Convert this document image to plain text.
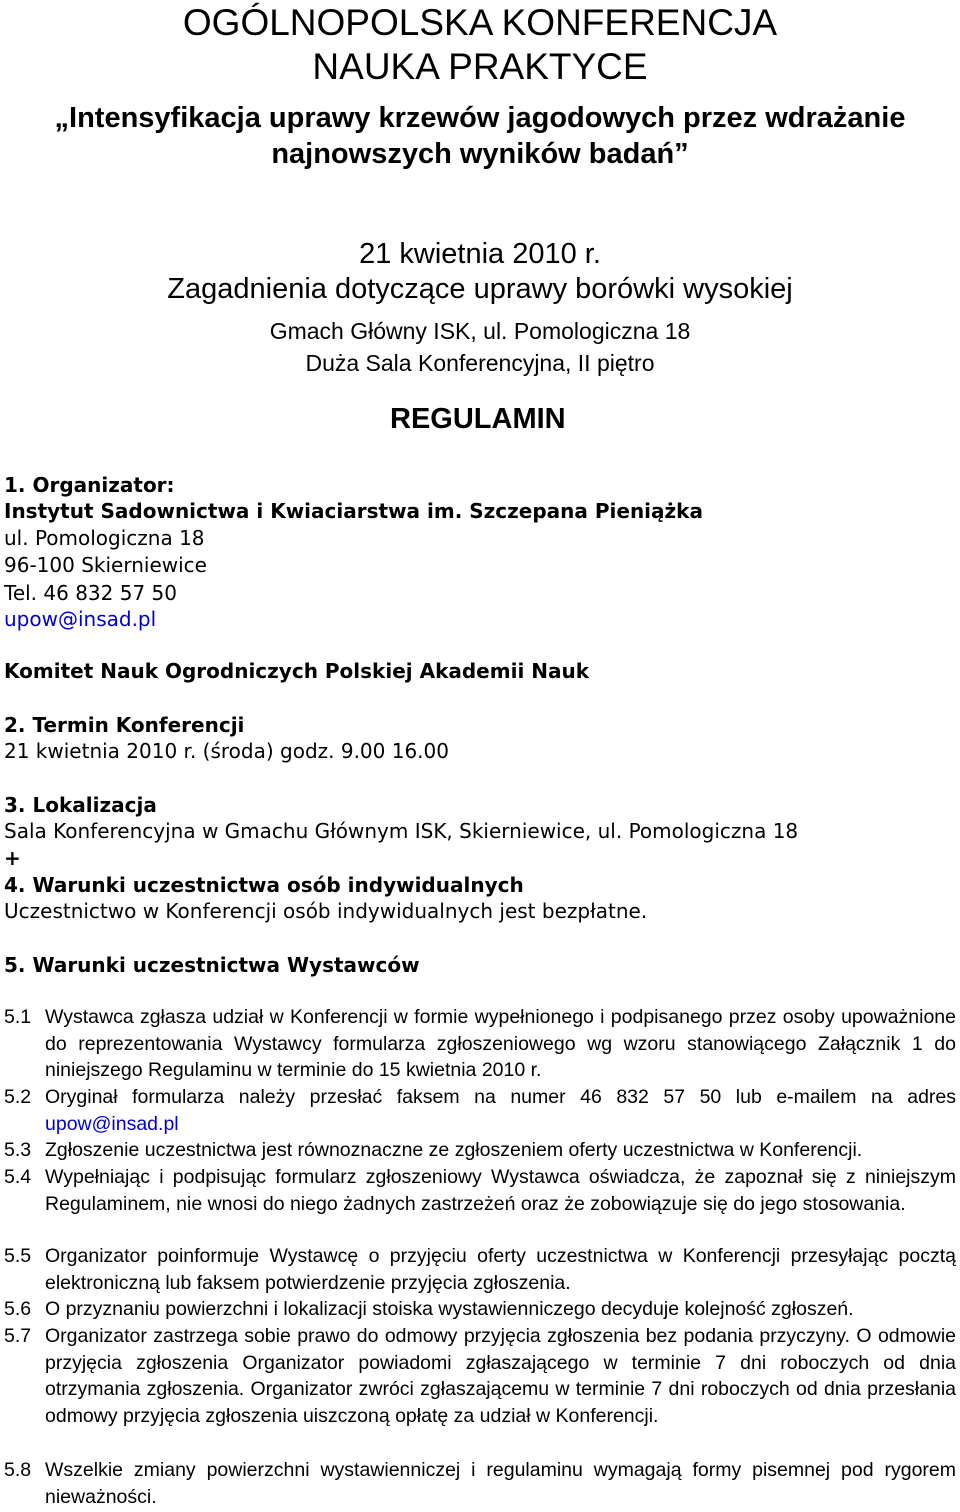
OGÓLNOPOLSKA KONFERENCJA
NAUKA PRAKTYCE
„Intensyfikacja uprawy krzewów jagodowych przez wdrażanie
najnowszych wyników badań”
21 kwietnia 2010 r.
Zagadnienia dotyczące uprawy borówki wysokiej
Gmach Główny ISK, ul. Pomologiczna 18
Duża Sala Konferencyjna, II piętro
REGULAMIN
1. Organizator:
Instytut Sadownictwa i Kwiaciarstwa im. Szczepana Pieniążka
ul. Pomologiczna 18
96-100 Skierniewice
Tel. 46 832 57 50
upow@insad.pl
Komitet Nauk Ogrodniczych Polskiej Akademii Nauk
2. Termin Konferencji
21 kwietnia 2010 r. (środa) godz. 9.00 16.00
3. Lokalizacja
Sala Konferencyjna w Gmachu Głównym ISK, Skierniewice, ul. Pomologiczna 18
+
4. Warunki uczestnictwa osób indywidualnych
Uczestnictwo w Konferencji osób indywidualnych jest bezpłatne.
5. Warunki uczestnictwa Wystawców
5.1 Wystawca zgłasza udział w Konferencji w formie wypełnionego i podpisanego przez osoby upoważnione do reprezentowania Wystawcy formularza zgłoszeniowego wg wzoru stanowiącego Załącznik 1 do niniejszego Regulaminu w terminie do 15 kwietnia 2010 r.
5.2 Oryginał formularza należy przesłać faksem na numer 46 832 57 50 lub e-mailem na adres upow@insad.pl
5.3 Zgłoszenie uczestnictwa jest równoznaczne ze zgłoszeniem oferty uczestnictwa w Konferencji.
5.4 Wypełniając i podpisując formularz zgłoszeniowy Wystawca oświadcza, że zapoznał się z niniejszym Regulaminem, nie wnosi do niego żadnych zastrzeżeń oraz że zobowiązuje się do jego stosowania.
5.5 Organizator poinformuje Wystawcę o przyjęciu oferty uczestnictwa w Konferencji przesyłając pocztą elektroniczną lub faksem potwierdzenie przyjęcia zgłoszenia.
5.6 O przyznaniu powierzchni i lokalizacji stoiska wystawienniczego decyduje kolejność zgłoszeń.
5.7 Organizator zastrzega sobie prawo do odmowy przyjęcia zgłoszenia bez podania przyczyny. O odmowie przyjęcia zgłoszenia Organizator powiadomi zgłaszającego w terminie 7 dni roboczych od dnia otrzymania zgłoszenia. Organizator zwróci zgłaszającemu w terminie 7 dni roboczych od dnia przesłania odmowy przyjęcia zgłoszenia uiszczoną opłatę za udział w Konferencji.
5.8 Wszelkie zmiany powierzchni wystawienniczej i regulaminu wymagają formy pisemnej pod rygorem nieważności.
